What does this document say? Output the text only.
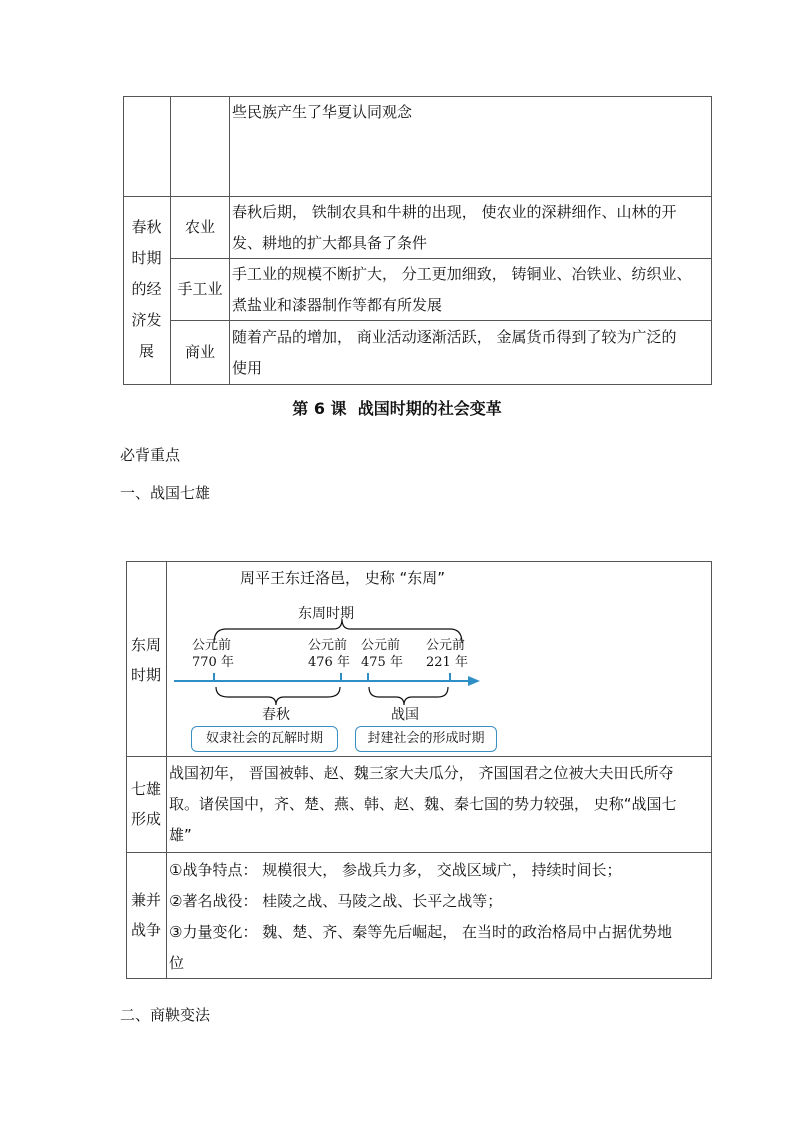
些民族产生了华夏认同观念
春秋
时期
的经
济发
展
农业
手工业
商业
春秋后期， 铁制农具和牛耕的出现， 使农业的深耕细作、山林的开
发、耕地的扩大都具备了条件
手工业的规模不断扩大， 分工更加细致， 铸铜业、冶铁业、纺织业、
煮盐业和漆器制作等都有所发展
随着产品的增加， 商业活动逐渐活跃， 金属货币得到了较为广泛的
使用
第 6 课  战国时期的社会变革
必背重点
一、战国七雄
东周
时期
周平王东迁洛邑， 史称 “东周”
东周时期
公元前
770 年
公元前
476 年
公元前
475 年
公元前
221 年
春秋	战国
奴隶社会的瓦解时期	封建社会的形成时期
七雄
形成
战国初年， 晋国被韩、赵、魏三家大夫瓜分， 齐国国君之位被大夫田氏所夺
取。诸侯国中，齐、楚、燕、韩、赵、魏、秦七国的势力较强， 史称“战国七
雄”
兼并
战争
①战争特点： 规模很大， 参战兵力多， 交战区域广， 持续时间长；
②著名战役： 桂陵之战、马陵之战、长平之战等；
③力量变化： 魏、楚、齐、秦等先后崛起， 在当时的政治格局中占据优势地
位
二、商鞅变法
